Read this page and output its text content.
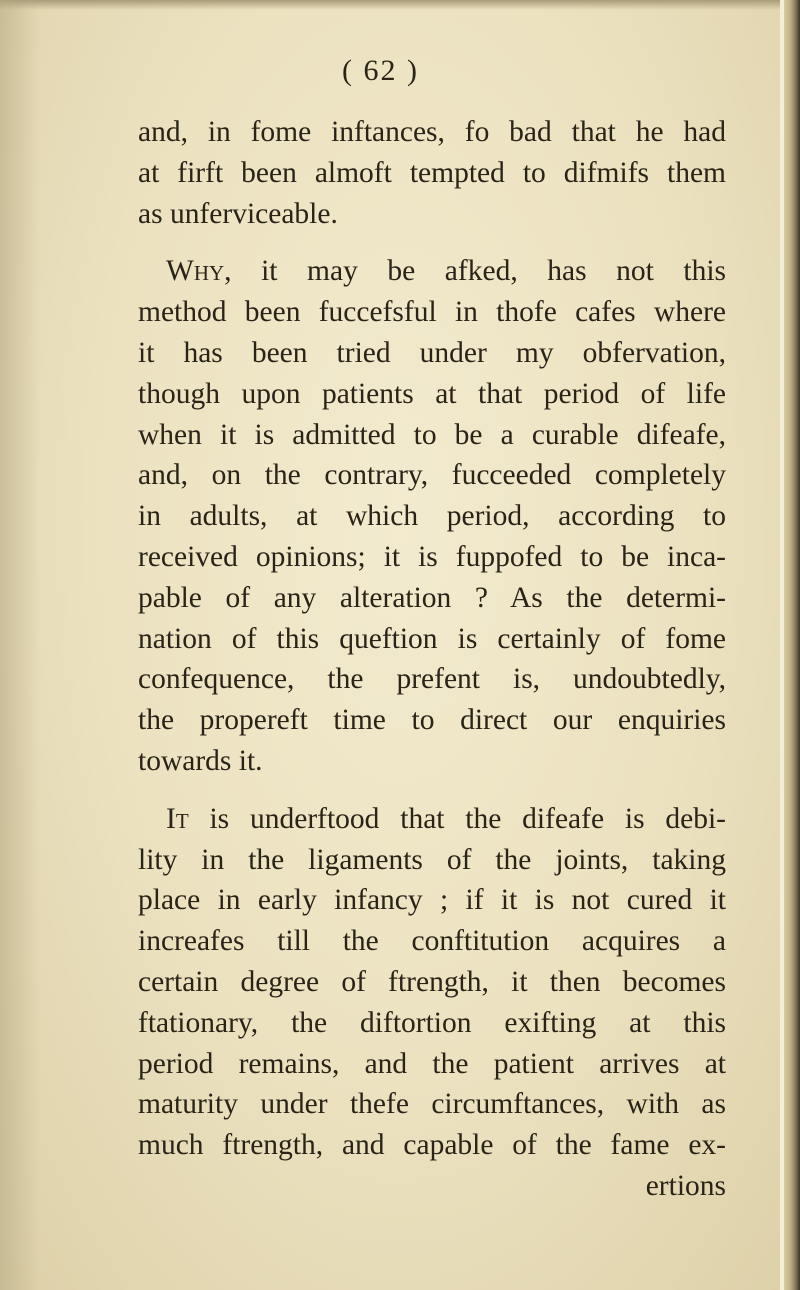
( 62 )
and, in fome inftances, fo bad that he had
at firft been almoft tempted to difmifs them
as unferviceable.
Why, it may be afked, has not this
method been fuccefsful in thofe cafes where
it has been tried under my obfervation,
though upon patients at that period of life
when it is admitted to be a curable difeafe,
and, on the contrary, fucceeded completely
in adults, at which period, according to
received opinions; it is fuppofed to be inca-
pable of any alteration ? As the determi-
nation of this queftion is certainly of fome
confequence, the prefent is, undoubtedly,
the propereft time to direct our enquiries
towards it.
It is underftood that the difeafe is debi-
lity in the ligaments of the joints, taking
place in early infancy ; if it is not cured it
increafes till the conftitution acquires a
certain degree of ftrength, it then becomes
ftationary, the diftortion exifting at this
period remains, and the patient arrives at
maturity under thefe circumftances, with as
much ftrength, and capable of the fame ex-
ertions
